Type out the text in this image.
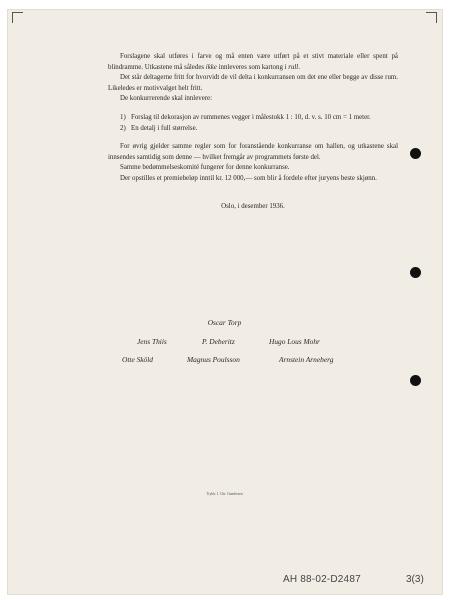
Forslagene skal utføres i farve og må enten være utført på et stivt materiale eller spent på blindramme. Utkastene må således ikke innleveres som kartong i rull.

Det står deltagerne fritt for hvorvidt de vil delta i konkurransen om det ene eller begge av disse rum. Likeledes er motivvalget helt fritt.

De konkurrerende skal innlevere:

1) Forslag til dekorasjon av rummenes vegger i målestokk 1 : 10, d. v. s. 10 cm = 1 meter.
2) En detalj i full størrelse.

For øvrig gjelder samme regler som for foranstående konkurranse om hallen, og utkastene skal innsendes samtidig som denne — hvilket fremgår av programmets første del.

Samme bedømmelseskomité fungerer for denne konkurranse.

Der opstilles et premiebeløp inntil kr. 12 000,— som blir å fordele efter juryens beste skjønn.

Oslo, i desember 1936.
Oscar Torp
Jens Thiis	P. Deberitz	Hugo Lous Mohr
Otte Sköld	Magnus Poulsson	Arnstein Arneberg
Trykk: J. Chr. Gundersen
AH 88-02-D2487	3(3)
